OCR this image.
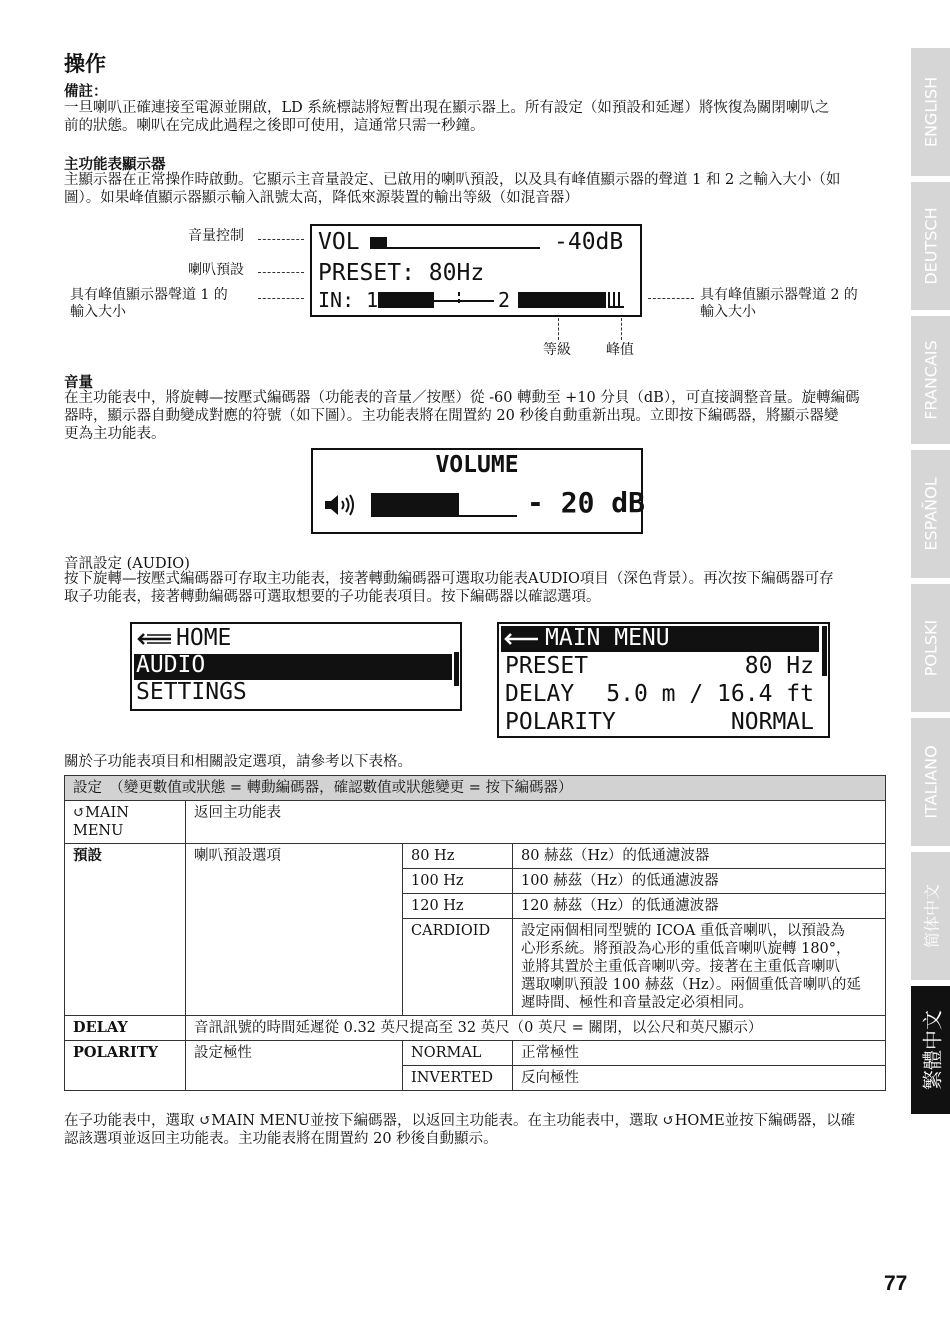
操作
備註：
一旦喇叭正確連接至電源並開啟，LD 系統標誌將短暫出現在顯示器上。所有設定（如預設和延遲）將恢復為關閉喇叭之
前的狀態。喇叭在完成此過程之後即可使用，這通常只需一秒鐘。
主功能表顯示器
主顯示器在正常操作時啟動。它顯示主音量設定、已啟用的喇叭預設，以及具有峰值顯示器的聲道 1 和 2 之輸入大小（如
圖）。如果峰值顯示器顯示輸入訊號太高，降低來源裝置的輸出等級（如混音器）
音量控制
喇叭預設
具有峰值顯示器聲道 1 的
輸入大小
VOL	-40dB
PRESET: 80Hz
IN: 1	2	具有峰值顯示器聲道 2 的
輸入大小
等級	峰值
音量
在主功能表中，將旋轉—按壓式編碼器（功能表的音量／按壓）從 -60 轉動至 +10 分貝（dB），可直接調整音量。旋轉編碼
器時，顯示器自動變成對應的符號（如下圖）。主功能表將在閒置約 20 秒後自動重新出現。立即按下編碼器，將顯示器變
更為主功能表。
VOLUME
- 20 dB
音訊設定 (AUDIO)
按下旋轉—按壓式編碼器可存取主功能表，接著轉動編碼器可選取功能表AUDIO項目（深色背景）。再次按下編碼器可存
取子功能表，接著轉動編碼器可選取想要的子功能表項目。按下編碼器以確認選項。
HOME
AUDIO
SETTINGS
MAIN MENU
PRESET	80 Hz
DELAY 5.0 m / 16.4 ft
POLARITY	NORMAL
關於子功能表項目和相關設定選項，請參考以下表格。
設定　（變更數值或狀態 = 轉動編碼器，確認數值或狀態變更 = 按下編碼器）			

↺MAIN
MENU	返回主功能表		
預設	喇叭預設選項	80 Hz	80 赫茲（Hz）的低通濾波器
		100 Hz	100 赫茲（Hz）的低通濾波器
		120 Hz	120 赫茲（Hz）的低通濾波器
		CARDIOID	設定兩個相同型號的 ICOA 重低音喇叭，以預設為
心形系統。將預設為心形的重低音喇叭旋轉 180°，
並將其置於主重低音喇叭旁。接著在主重低音喇叭
選取喇叭預設 100 赫茲（Hz）。兩個重低音喇叭的延
遲時間、極性和音量設定必須相同。

DELAY	音訊訊號的時間延遲從 0.32 英尺提高至 32 英尺（0 英尺 = 關閉，以公尺和英尺顯示）		
POLARITY	設定極性	NORMAL	正常極性
		INVERTED	反向極性
在子功能表中，選取 ↺MAIN MENU並按下編碼器，以返回主功能表。在主功能表中，選取 ↺HOME並按下編碼器，以確
認該選項並返回主功能表。主功能表將在閒置約 20 秒後自動顯示。
ENGLISH
DEUTSCH
FRANCAIS
ESPAÑOL
POLSKI
ITALIANO
简体中文
繁體中文
77
